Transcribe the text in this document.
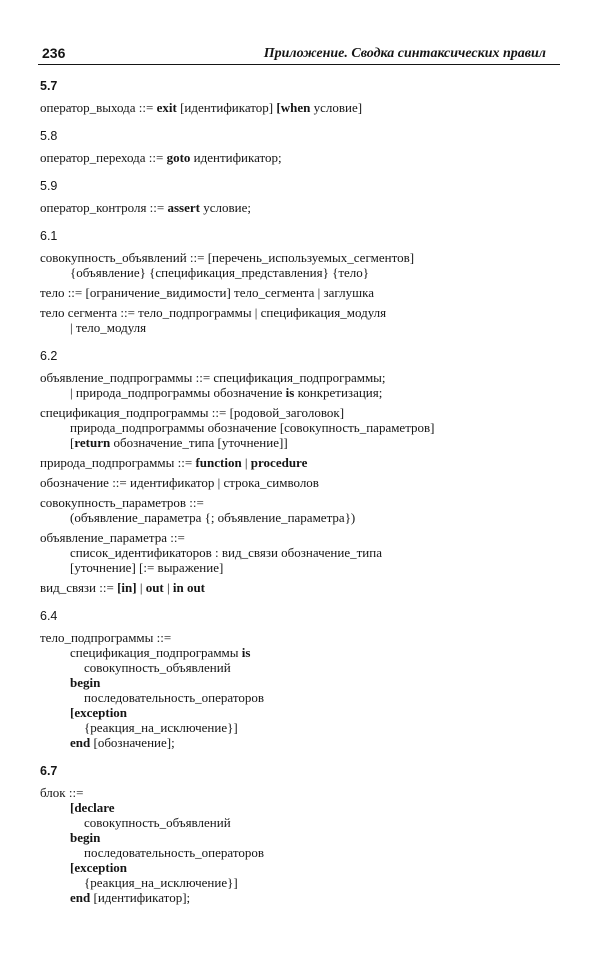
236	Приложение. Сводка синтаксических правил
5.7
оператор_выхода ::= exit [идентификатор] [when условие]
5.8
оператор_перехода ::= goto идентификатор;
5.9
оператор_контроля ::= assert условие;
6.1
совокупность_объявлений ::= [перечень_используемых_сегментов]
{объявление} {спецификация_представления} {тело}
тело ::= [ограничение_видимости] тело_сегмента | заглушка
тело сегмента ::= тело_подпрограммы | спецификация_модуля
| тело_модуля
6.2
объявление_подпрограммы ::= спецификация_подпрограммы;
| природа_подпрограммы обозначение is конкретизация;
спецификация_подпрограммы ::= [родовой_заголовок]
природа_подпрограммы обозначение [совокупность_параметров]
[return обозначение_типа [уточнение]]
природа_подпрограммы ::= function | procedure
обозначение ::= идентификатор | строка_символов
совокупность_параметров ::=
(объявление_параметра {; объявление_параметра})
объявление_параметра ::=
список_идентификаторов : вид_связи обозначение_типа
[уточнение] [:= выражение]
вид_связи ::= [in] | out | in out
6.4
тело_подпрограммы ::=
спецификация_подпрограммы is
совокупность_объявлений
begin
последовательность_операторов
[exception
{реакция_на_исключение}]
end [обозначение];
6.7
блок ::=
[declare
совокупность_объявлений
begin
последовательность_операторов
[exception
{реакция_на_исключение}]
end [идентификатор];
